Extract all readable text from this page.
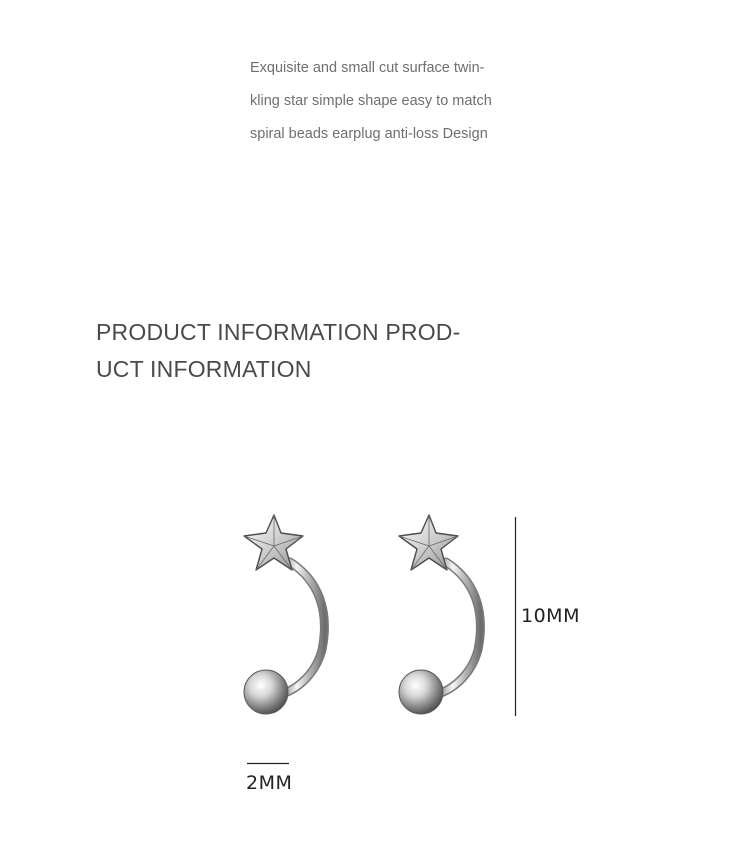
Exquisite and small cut surface twin-
kling star simple shape easy to match
spiral beads earplug anti-loss Design
PRODUCT INFORMATION PROD-
UCT INFORMATION
10MM
2MM
